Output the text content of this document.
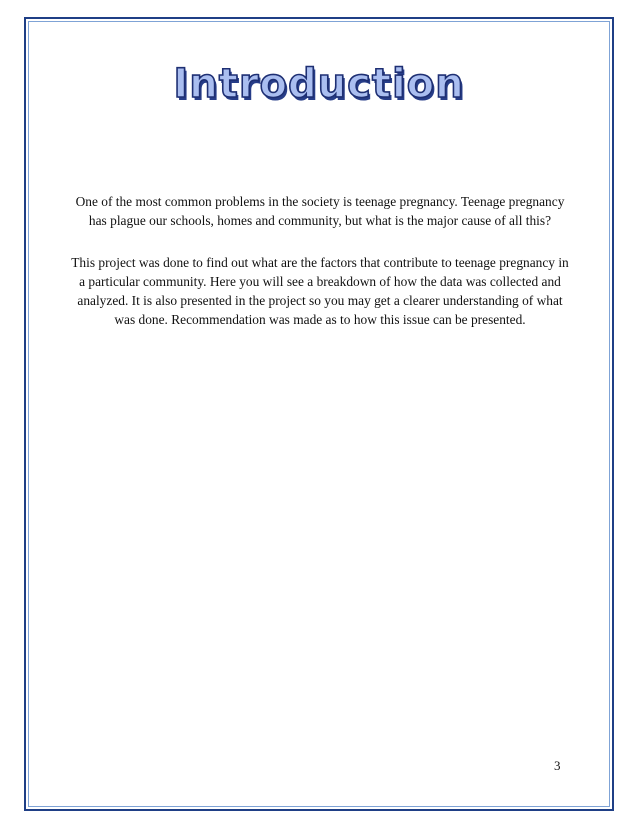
Introduction
One of the most common problems in the society is teenage pregnancy. Teenage pregnancy has plague our schools, homes and community, but what is the major cause of all this?
This project was done to find out what are the factors that contribute to teenage pregnancy in a particular community. Here you will see a breakdown of how the data was collected and analyzed. It is also presented in the project so you may get a clearer understanding of what was done. Recommendation was made as to how this issue can be presented.
3
